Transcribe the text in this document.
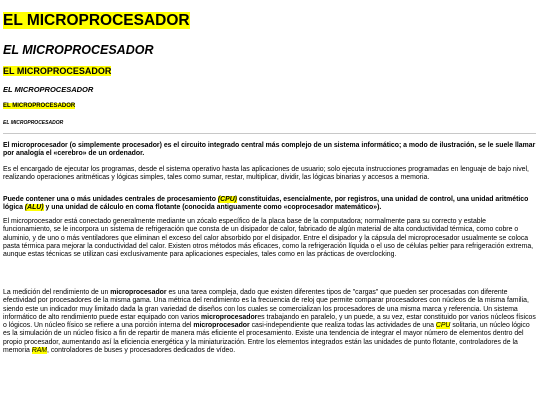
EL MICROPROCESADOR
EL MICROPROCESADOR
EL MICROPROCESADOR
EL MICROPROCESADOR
EL MICROPROCESADOR
EL MICROPROCESADOR

El microprocesador (o simplemente procesador) es el circuito integrado central más complejo de un sistema informático; a modo de ilustración, se le suele llamar por analogía el «cerebro» de un ordenador.

Es el encargado de ejecutar los programas, desde el sistema operativo hasta las aplicaciones de usuario; solo ejecuta instrucciones programadas en lenguaje de bajo nivel, realizando operaciones aritméticas y lógicas simples, tales como sumar, restar, multiplicar, dividir, las lógicas binarias y accesos a memoria.

Puede contener una o más unidades centrales de procesamiento (CPU) constituidas, esencialmente, por registros, una unidad de control, una unidad aritmético lógica (ALU) y una unidad de cálculo en coma flotante (conocida antiguamente como «coprocesador matemático»).

El microprocesador está conectado generalmente mediante un zócalo específico de la placa base de la computadora; normalmente para su correcto y estable funcionamiento, se le incorpora un sistema de refrigeración que consta de un disipador de calor, fabricado de algún material de alta conductividad térmica, como cobre o aluminio, y de uno o más ventiladores que eliminan el exceso del calor absorbido por el disipador. Entre el disipador y la cápsula del microprocesador usualmente se coloca pasta térmica para mejorar la conductividad del calor. Existen otros métodos más eficaces, como la refrigeración líquida o el uso de células peltier para refrigeración extrema, aunque estas técnicas se utilizan casi exclusivamente para aplicaciones especiales, tales como en las prácticas de overclocking.

La medición del rendimiento de un microprocesador es una tarea compleja, dado que existen diferentes tipos de "cargas" que pueden ser procesadas con diferente efectividad por procesadores de la misma gama. Una métrica del rendimiento es la frecuencia de reloj que permite comparar procesadores con núcleos de la misma familia, siendo este un indicador muy limitado dada la gran variedad de diseños con los cuales se comercializan los procesadores de una misma marca y referencia. Un sistema informático de alto rendimiento puede estar equipado con varios microprocesadores trabajando en paralelo, y un puede, a su vez, estar constituido por varios núcleos físicos o lógicos. Un núcleo físico se refiere a una porción interna del microprocesador casi-independiente que realiza todas las actividades de una CPU solitaria, un núcleo lógico es la simulación de un núcleo físico a fin de repartir de manera más eficiente el procesamiento. Existe una tendencia de integrar el mayor número de elementos dentro del propio procesador, aumentando así la eficiencia energética y la miniaturización. Entre los elementos integrados están las unidades de punto flotante, controladores de la memoria RAM, controladores de buses y procesadores dedicados de vídeo.
